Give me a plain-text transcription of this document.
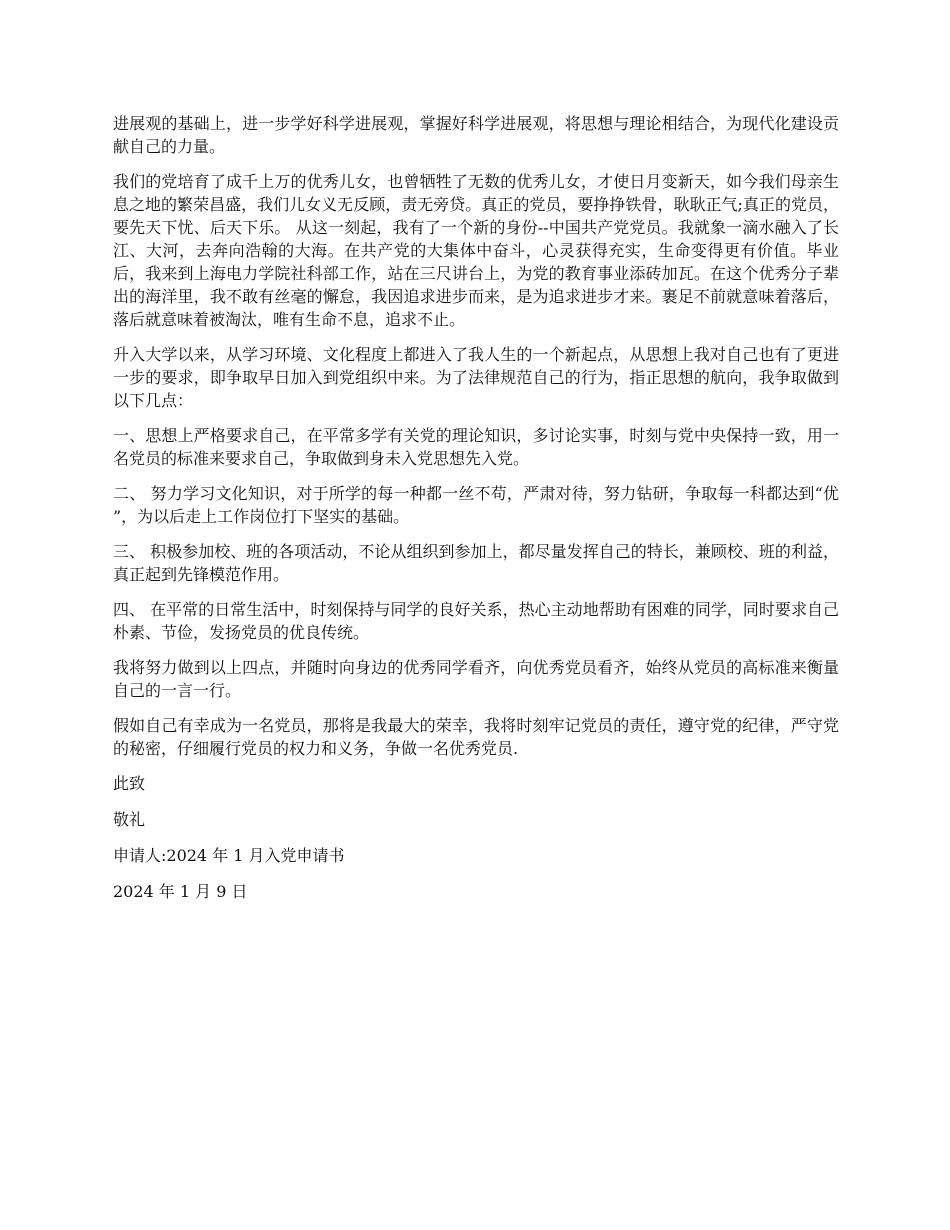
进展观的基础上，进一步学好科学进展观，掌握好科学进展观，将思想与理论相结合，为现代化建设贡献自己的力量。

我们的党培育了成千上万的优秀儿女，也曾牺牲了无数的优秀儿女，才使日月变新天，如今我们母亲生息之地的繁荣昌盛，我们儿女义无反顾，责无旁贷。真正的党员，要挣挣铁骨，耿耿正气;真正的党员，要先天下忧、后天下乐。 从这一刻起，我有了一个新的身份--中国共产党党员。我就象一滴水融入了长江、大河，去奔向浩翰的大海。在共产党的大集体中奋斗，心灵获得充实，生命变得更有价值。毕业后，我来到上海电力学院社科部工作，站在三尺讲台上，为党的教育事业添砖加瓦。在这个优秀分子辈出的海洋里，我不敢有丝毫的懈怠，我因追求进步而来，是为追求进步才来。裹足不前就意味着落后，落后就意味着被淘汰，唯有生命不息，追求不止。

升入大学以来，从学习环境、文化程度上都进入了我人生的一个新起点，从思想上我对自己也有了更进一步的要求，即争取早日加入到党组织中来。为了法律规范自己的行为，指正思想的航向，我争取做到以下几点：

一、思想上严格要求自己，在平常多学有关党的理论知识，多讨论实事，时刻与党中央保持一致，用一名党员的标准来要求自己，争取做到身未入党思想先入党。

二、 努力学习文化知识，对于所学的每一种都一丝不苟，严肃对待，努力钻研，争取每一科都达到“优 ”，为以后走上工作岗位打下坚实的基础。

三、 积极参加校、班的各项活动，不论从组织到参加上，都尽量发挥自己的特长，兼顾校、班的利益，真正起到先锋模范作用。

四、 在平常的日常生活中，时刻保持与同学的良好关系，热心主动地帮助有困难的同学，同时要求自己朴素、节俭，发扬党员的优良传统。

我将努力做到以上四点，并随时向身边的优秀同学看齐，向优秀党员看齐，始终从党员的高标准来衡量自己的一言一行。

假如自己有幸成为一名党员，那将是我最大的荣幸，我将时刻牢记党员的责任，遵守党的纪律，严守党的秘密，仔细履行党员的权力和义务，争做一名优秀党员.

此致

敬礼

申请人:2024 年 1 月入党申请书

2024 年 1 月 9 日
